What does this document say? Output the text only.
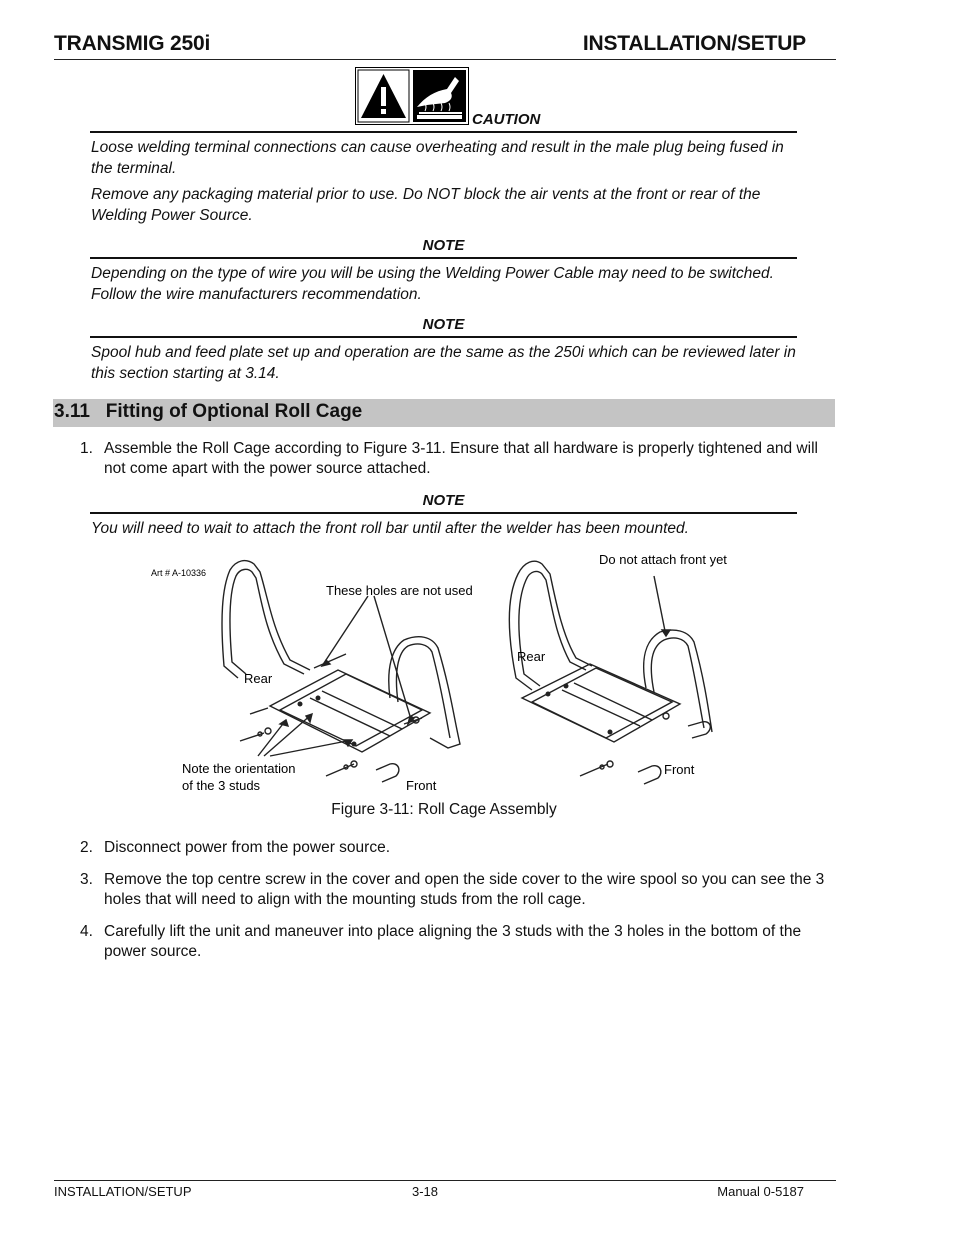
TRANSMIG 250i	INSTALLATION/SETUP
CAUTION
Loose welding terminal connections can cause overheating and result in the male plug being fused in the terminal.
Remove any packaging material prior to use. Do NOT block the air vents at the front or rear of the Welding Power Source.
NOTE
Depending on the type of wire you will be using the Welding Power Cable may need to be switched. Follow the wire manufacturers recommendation.
NOTE
Spool hub and feed plate set up and operation are the same as the 250i which can be reviewed later in this section starting at 3.14.
3.11   Fitting of Optional Roll Cage
1. Assemble the Roll Cage according to Figure 3-11. Ensure that all hardware is properly tightened and will not come apart with the power source attached.
NOTE
You will need to wait to attach the front roll bar until after the welder has been mounted.
Art # A-10336
These holes are not used
Rear
Front
Note the orientation
of the 3 studs
Do not attach front yet
Rear
Front
Figure 3-11: Roll Cage Assembly
2. Disconnect power from the power source.
3. Remove the top centre screw in the cover and open the side cover to the wire spool so you can see the 3 holes that will need to align with the mounting studs from the roll cage.
4. Carefully lift the unit and maneuver into place aligning the 3 studs with the 3 holes in the bottom of the power source.
INSTALLATION/SETUP	3-18	Manual 0-5187
